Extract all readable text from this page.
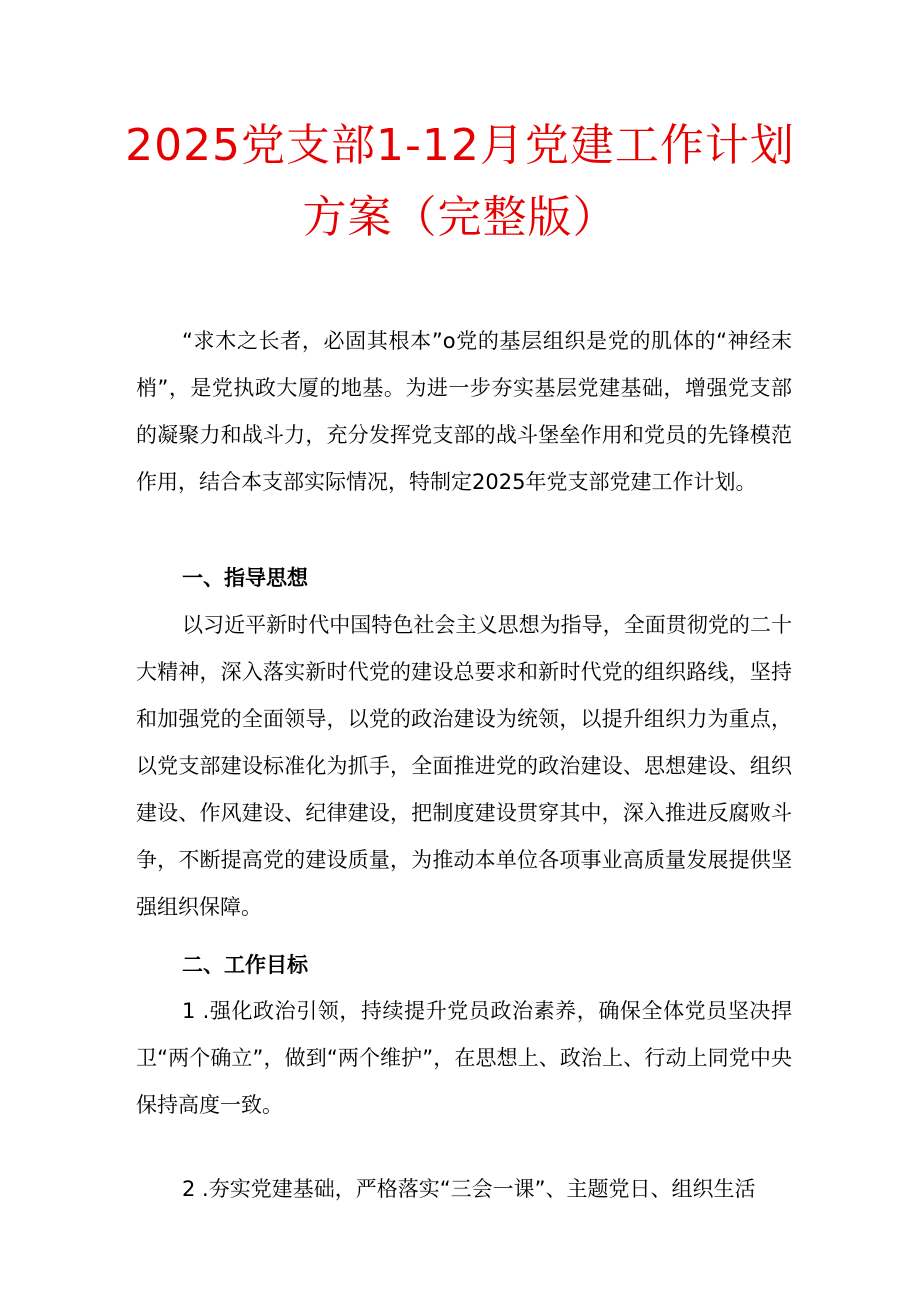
2025党支部1-12月党建工作计划
方案（完整版）

“求木之长者，必固其根本”o党的基层组织是党的肌体的“神经末梢”，是党执政大厦的地基。为进一步夯实基层党建基础，增强党支部的凝聚力和战斗力，充分发挥党支部的战斗堡垒作用和党员的先锋模范作用，结合本支部实际情况，特制定2025年党支部党建工作计划。

一、指导思想

以习近平新时代中国特色社会主义思想为指导，全面贯彻党的二十大精神，深入落实新时代党的建设总要求和新时代党的组织路线，坚持和加强党的全面领导，以党的政治建设为统领，以提升组织力为重点，以党支部建设标准化为抓手，全面推进党的政治建设、思想建设、组织建设、作风建设、纪律建设，把制度建设贯穿其中，深入推进反腐败斗争，不断提高党的建设质量，为推动本单位各项事业高质量发展提供坚强组织保障。

二、工作目标

1 .强化政治引领，持续提升党员政治素养，确保全体党员坚决捍卫“两个确立”，做到“两个维护”，在思想上、政治上、行动上同党中央保持高度一致。

2 .夯实党建基础，严格落实“三会一课”、主题党日、组织生活
